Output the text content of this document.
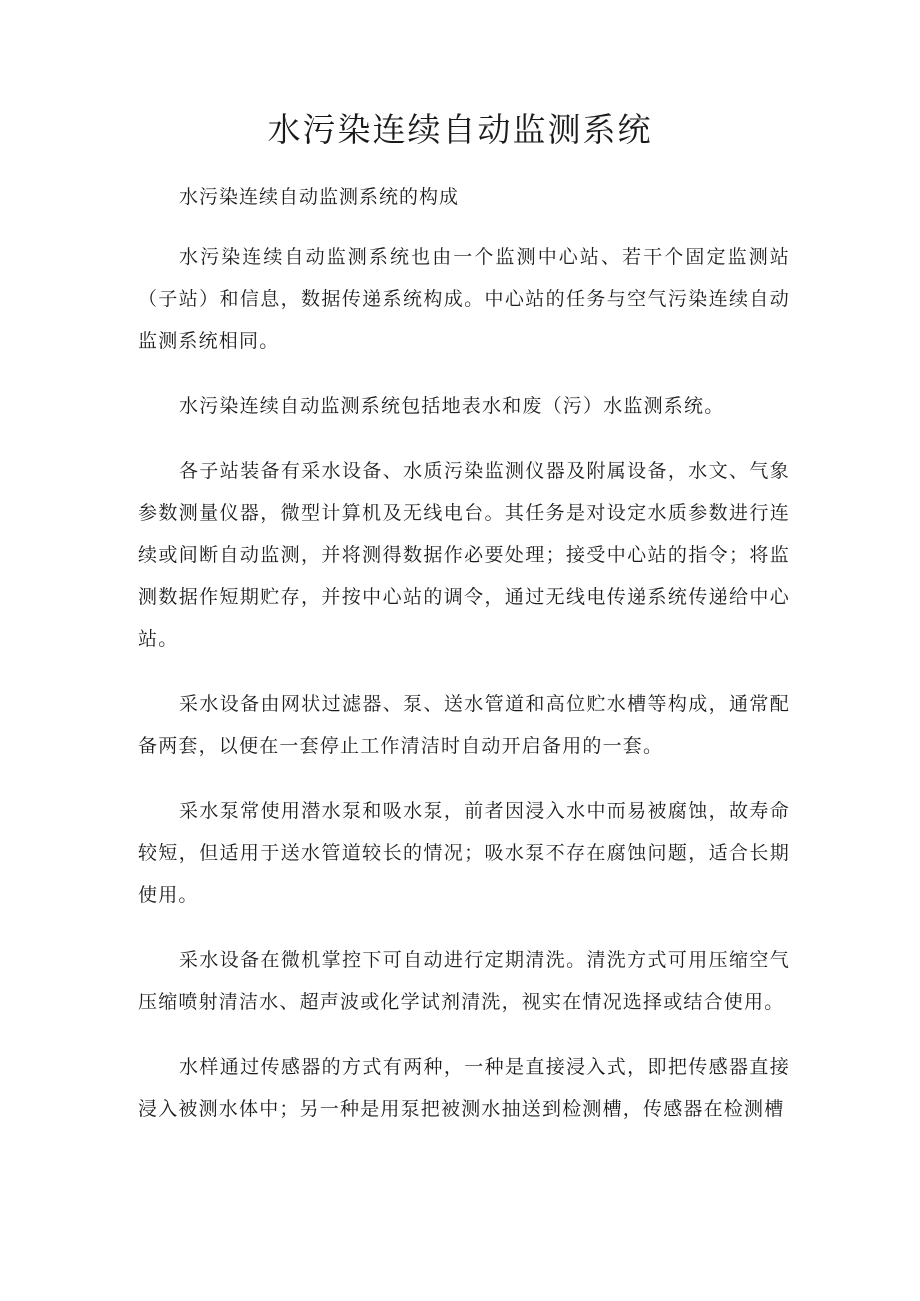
水污染连续自动监测系统

水污染连续自动监测系统的构成

水污染连续自动监测系统也由一个监测中心站、若干个固定监测站（子站）和信息，数据传递系统构成。中心站的任务与空气污染连续自动监测系统相同。

水污染连续自动监测系统包括地表水和废（污）水监测系统。

各子站装备有采水设备、水质污染监测仪器及附属设备，水文、气象参数测量仪器，微型计算机及无线电台。其任务是对设定水质参数进行连续或间断自动监测，并将测得数据作必要处理；接受中心站的指令；将监测数据作短期贮存，并按中心站的调令，通过无线电传递系统传递给中心站。

采水设备由网状过滤器、泵、送水管道和高位贮水槽等构成，通常配备两套，以便在一套停止工作清洁时自动开启备用的一套。

采水泵常使用潜水泵和吸水泵，前者因浸入水中而易被腐蚀，故寿命较短，但适用于送水管道较长的情况；吸水泵不存在腐蚀问题，适合长期使用。

采水设备在微机掌控下可自动进行定期清洗。清洗方式可用压缩空气压缩喷射清洁水、超声波或化学试剂清洗，视实在情况选择或结合使用。

水样通过传感器的方式有两种，一种是直接浸入式，即把传感器直接浸入被测水体中；另一种是用泵把被测水抽送到检测槽，传感器在检测槽
